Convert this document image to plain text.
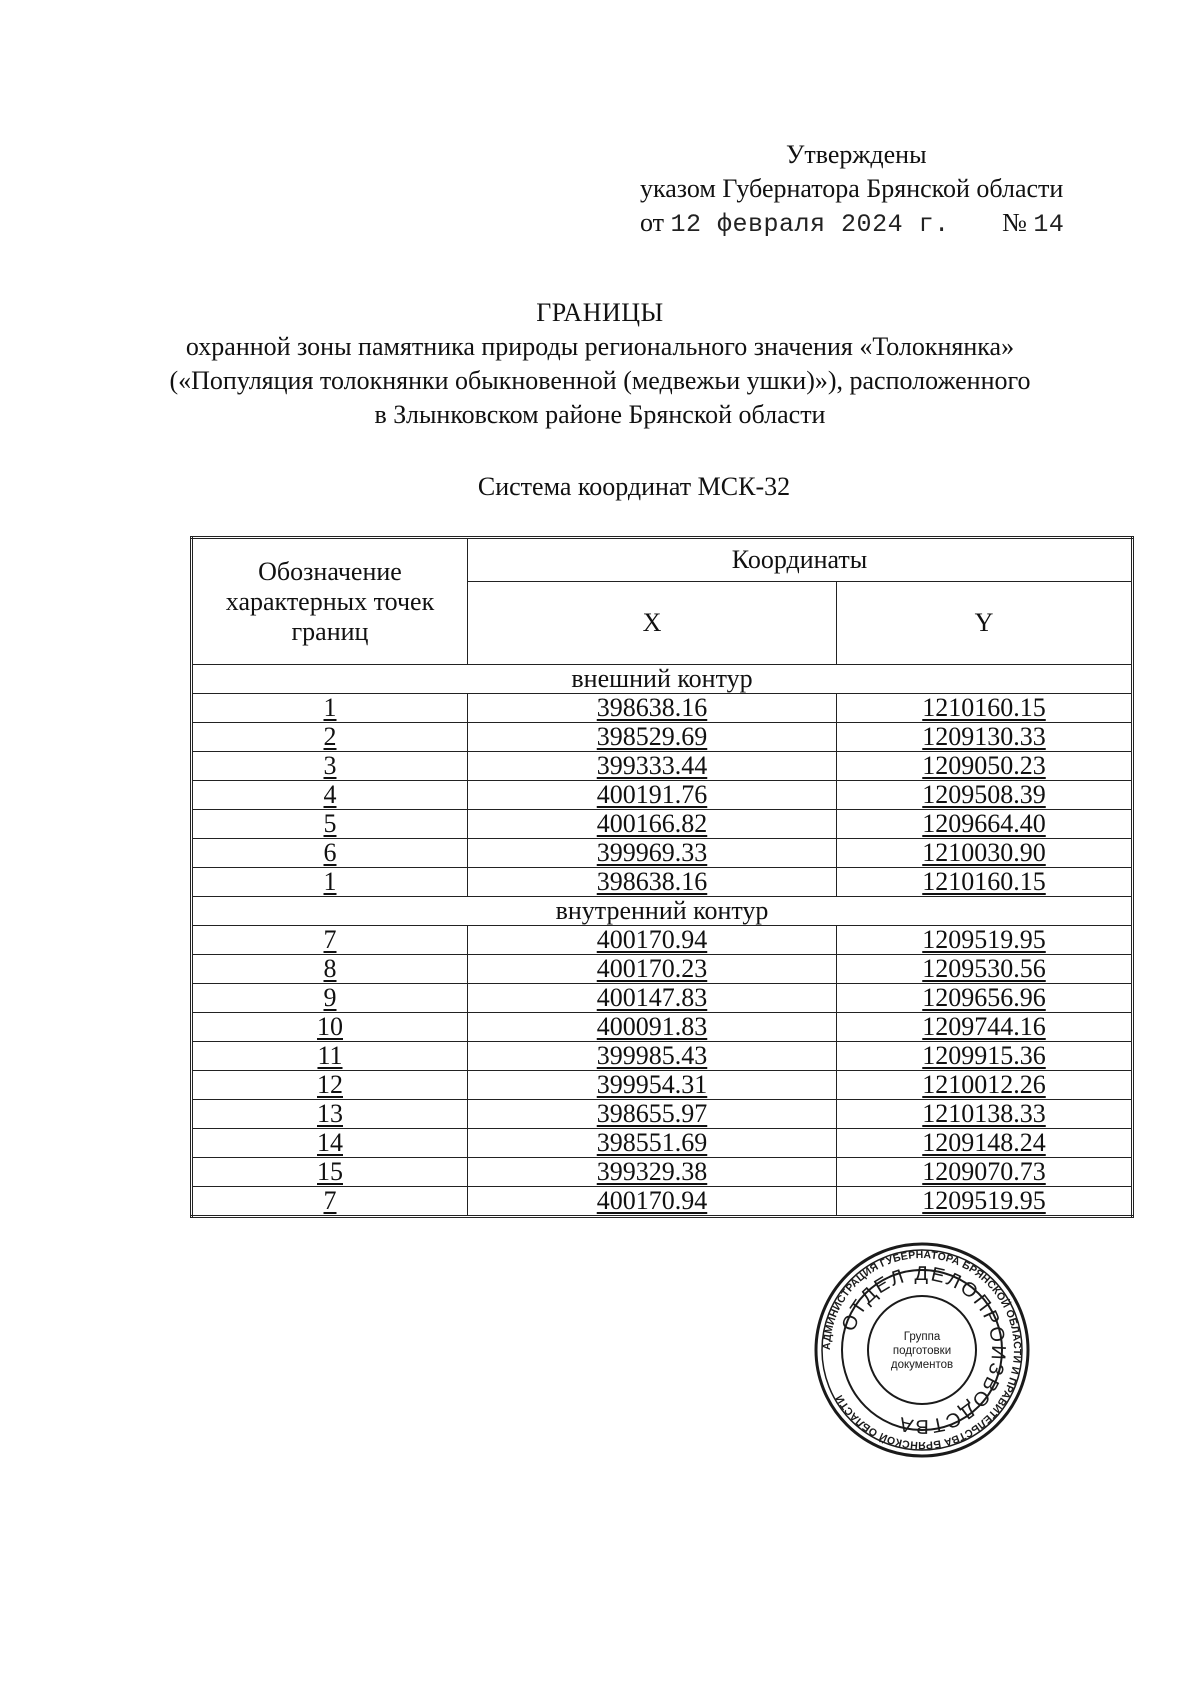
Утверждены
указом Губернатора Брянской области
от 12 февраля 2024 г. № 14
ГРАНИЦЫ
охранной зоны памятника природы регионального значения «Толокнянка»
(«Популяция толокнянки обыкновенной (медвежьи ушки)»), расположенного
в Злынковском районе Брянской области
Система координат МСК-32
Обозначение характерных точек границ	Координаты	
	X	Y
внешний контур		
1	398638.16	1210160.15
2	398529.69	1209130.33
3	399333.44	1209050.23
4	400191.76	1209508.39
5	400166.82	1209664.40
6	399969.33	1210030.90
1	398638.16	1210160.15
внутренний контур		
7	400170.94	1209519.95
8	400170.23	1209530.56
9	400147.83	1209656.96
10	400091.83	1209744.16
11	399985.43	1209915.36
12	399954.31	1210012.26
13	398655.97	1210138.33
14	398551.69	1209148.24
15	399329.38	1209070.73
7	400170.94	1209519.95
АДМИНИСТРАЦИЯ ГУБЕРНАТОРА БРЯНСКОЙ ОБЛАСТИ И ПРАВИТЕЛЬСТВА БРЯНСКОЙ ОБЛАСТИ
ОТДЕЛ ДЕЛОПРОИЗВОДСТВА
Группа
подготовки
документов
